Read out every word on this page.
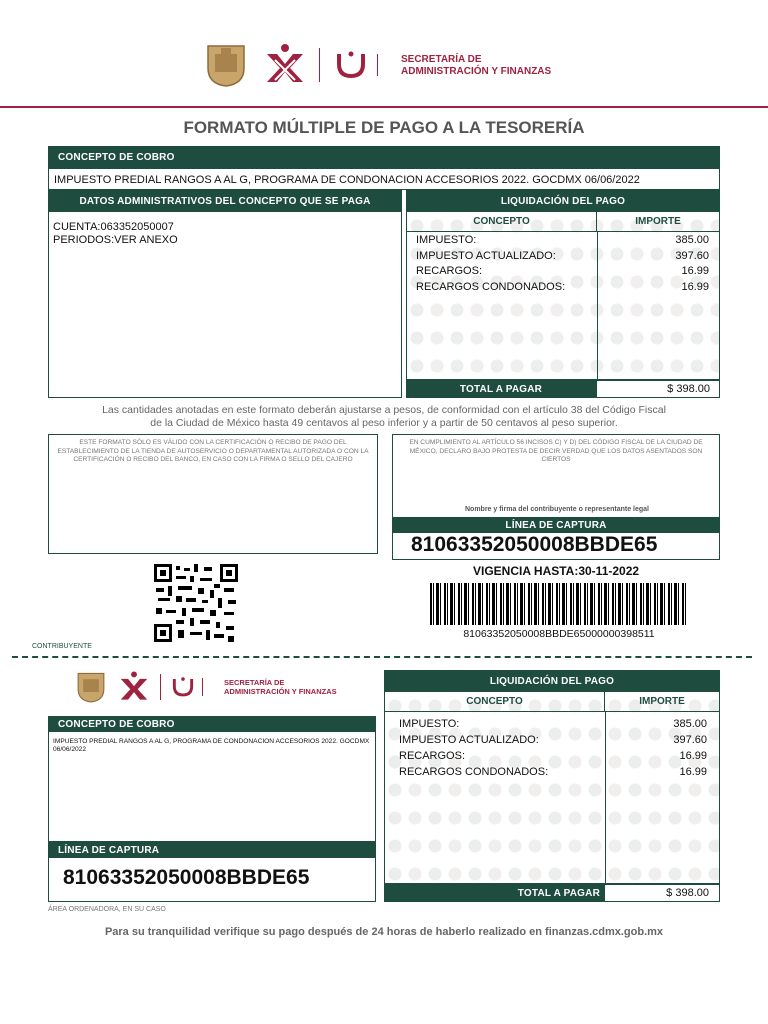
SECRETARÍA DE
ADMINISTRACIÓN Y FINANZAS
FORMATO MÚLTIPLE DE PAGO A LA TESORERÍA
CONCEPTO DE COBRO
IMPUESTO PREDIAL RANGOS A AL G, PROGRAMA DE CONDONACION ACCESORIOS 2022. GOCDMX 06/06/2022
DATOS ADMINISTRATIVOS DEL CONCEPTO QUE SE PAGA
CUENTA:063352050007
PERIODOS:VER ANEXO
LIQUIDACIÓN DEL PAGO
CONCEPTO	IMPORTE
IMPUESTO:	385.00
IMPUESTO ACTUALIZADO:	397.60
RECARGOS:	16.99
RECARGOS CONDONADOS:	16.99
TOTAL A PAGAR	$ 398.00
Las cantidades anotadas en este formato deberán ajustarse a pesos, de conformidad con el artículo 38 del Código Fiscal
de la Ciudad de México hasta 49 centavos al peso inferior y a partir de 50 centavos al peso superior.
ESTE FORMATO SÓLO ES VÁLIDO CON LA CERTIFICACIÓN O RECIBO DE PAGO DEL ESTABLECIMIENTO DE LA TIENDA DE AUTOSERVICIO O DEPARTAMENTAL AUTORIZADA O CON LA CERTIFICACIÓN O RECIBO DEL BANCO, EN CASO CON LA FIRMA O SELLO DEL CAJERO
EN CUMPLIMIENTO AL ARTÍCULO 56 INCISOS C) Y D) DEL CÓDIGO FISCAL DE LA CIUDAD DE MÉXICO, DECLARO BAJO PROTESTA DE DECIR VERDAD QUE LOS DATOS ASENTADOS SON CIERTOS
Nombre y firma del contribuyente o representante legal
LÍNEA DE CAPTURA
81063352050008BBDE65
VIGENCIA HASTA:30-11-2022
81063352050008BBDE65000000398511
CONTRIBUYENTE
SECRETARÍA DE
ADMINISTRACIÓN Y FINANZAS
CONCEPTO DE COBRO
IMPUESTO PREDIAL RANGOS A AL G, PROGRAMA DE CONDONACION ACCESORIOS 2022. GOCDMX 06/06/2022
LÍNEA DE CAPTURA
81063352050008BBDE65
ÁREA ORDENADORA, EN SU CASO
LIQUIDACIÓN DEL PAGO
CONCEPTO	IMPORTE
IMPUESTO:	385.00
IMPUESTO ACTUALIZADO:	397.60
RECARGOS:	16.99
RECARGOS CONDONADOS:	16.99
TOTAL A PAGAR	$ 398.00
Para su tranquilidad verifique su pago después de 24 horas de haberlo realizado en finanzas.cdmx.gob.mx
